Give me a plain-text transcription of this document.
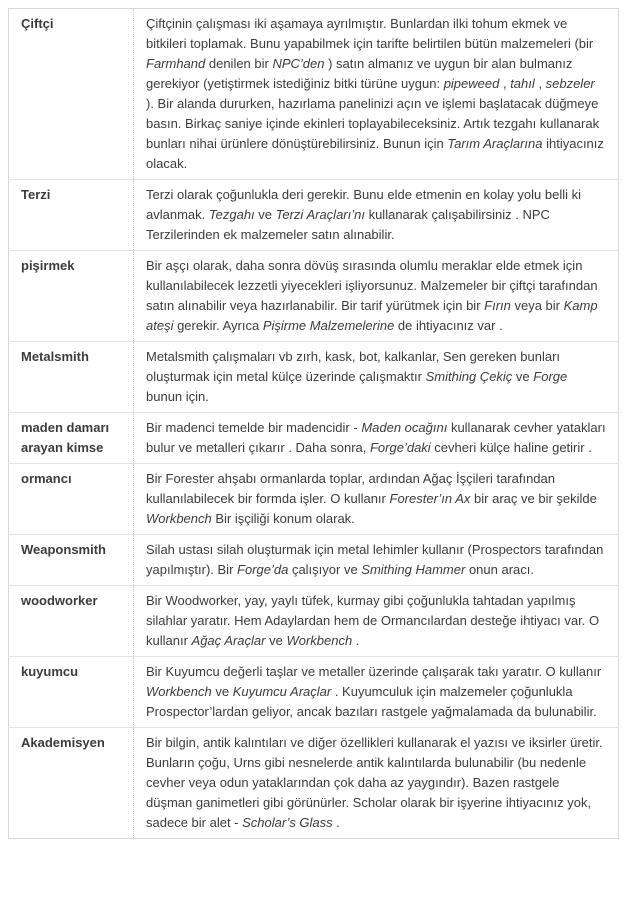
Çiftçi	Çiftçinin çalışması iki aşamaya ayrılmıştır. Bunlardan ilki tohum ekmek ve bitkileri toplamak. Bunu yapabilmek için tarifte belirtilen bütün malzemeleri (bir Farmhand denilen bir NPC’den ) satın almanız ve uygun bir alan bulmanız gerekiyor (yetiştirmek istediğiniz bitki türüne uygun: pipeweed , tahıl , sebzeler ). Bir alanda dururken, hazırlama panelinizi açın ve işlemi başlatacak düğmeye basın. Birkaç saniye içinde ekinleri toplayabileceksiniz. Artık tezgahı kullanarak bunları nihai ürünlere dönüştürebilirsiniz. Bunun için Tarım Araçlarına ihtiyacınız olacak.
Terzi	Terzi olarak çoğunlukla deri gerekir. Bunu elde etmenin en kolay yolu belli ki avlanmak. Tezgahı ve Terzi Araçları’nı kullanarak çalışabilirsiniz . NPC Terzilerinden ek malzemeler satın alınabilir.
pişirmek	Bir aşçı olarak, daha sonra dövüş sırasında olumlu meraklar elde etmek için kullanılabilecek lezzetli yiyecekleri işliyorsunuz. Malzemeler bir çiftçi tarafından satın alınabilir veya hazırlanabilir. Bir tarif yürütmek için bir Fırın veya bir Kamp ateşi gerekir. Ayrıca Pişirme Malzemelerine de ihtiyacınız var .
Metalsmith	Metalsmith çalışmaları vb zırh, kask, bot, kalkanlar, Sen gereken bunları oluşturmak için metal külçe üzerinde çalışmaktır Smithing Çekiç ve Forge bunun için.
maden damarı arayan kimse	Bir madenci temelde bir madencidir - Maden ocağını kullanarak cevher yatakları bulur ve metalleri çıkarır . Daha sonra, Forge’daki cevheri külçe haline getirir .
ormancı	Bir Forester ahşabı ormanlarda toplar, ardından Ağaç İşçileri tarafından kullanılabilecek bir formda işler. O kullanır Forester’ın Ax bir araç ve bir şekilde Workbench Bir işçiliği konum olarak.
Weaponsmith	Silah ustası silah oluşturmak için metal lehimler kullanır (Prospectors tarafından yapılmıştır). Bir Forge’da çalışıyor ve Smithing Hammer onun aracı.
woodworker	Bir Woodworker, yay, yaylı tüfek, kurmay gibi çoğunlukla tahtadan yapılmış silahlar yaratır. Hem Adaylardan hem de Ormancılardan desteğe ihtiyacı var. O kullanır Ağaç Araçlar ve Workbench .
kuyumcu	Bir Kuyumcu değerli taşlar ve metaller üzerinde çalışarak takı yaratır. O kullanır Workbench ve Kuyumcu Araçlar . Kuyumculuk için malzemeler çoğunlukla Prospector’lardan geliyor, ancak bazıları rastgele yağmalamada da bulunabilir.
Akademisyen	Bir bilgin, antik kalıntıları ve diğer özellikleri kullanarak el yazısı ve iksirler üretir. Bunların çoğu, Urns gibi nesnelerde antik kalıntılarda bulunabilir (bu nedenle cevher veya odun yataklarından çok daha az yaygındır). Bazen rastgele düşman ganimetleri gibi görünürler. Scholar olarak bir işyerine ihtiyacınız yok, sadece bir alet - Scholar’s Glass .
